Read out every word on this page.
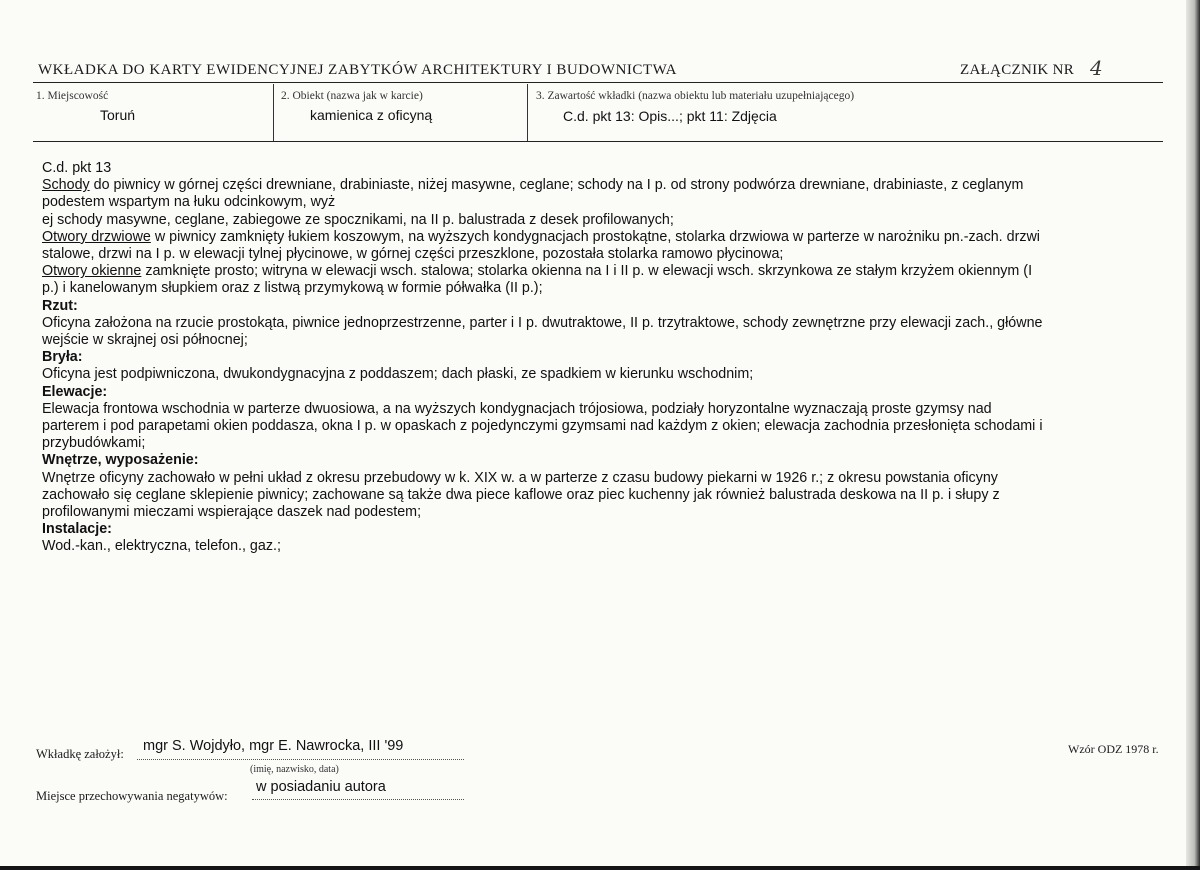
WKŁADKA DO KARTY EWIDENCYJNEJ ZABYTKÓW ARCHITEKTURY I BUDOWNICTWA	ZAŁĄCZNIK NR 4
1. Miejscowość
Toruń
2. Obiekt (nazwa jak w karcie)
kamienica z oficyną
3. Zawartość wkładki (nazwa obiektu lub materiału uzupełniającego)
C.d. pkt 13: Opis...; pkt 11: Zdjęcia
C.d. pkt 13
Schody do piwnicy w górnej części drewniane, drabiniaste, niżej masywne, ceglane; schody na I p. od strony podwórza drewniane, drabiniaste, z ceglanym
podestem wspartym na łuku odcinkowym, wyż
ej schody masywne, ceglane, zabiegowe ze spocznikami, na II p. balustrada z desek profilowanych;
Otwory drzwiowe w piwnicy zamknięty łukiem koszowym, na wyższych kondygnacjach prostokątne, stolarka drzwiowa w parterze w narożniku pn.-zach. drzwi
stalowe, drzwi na I p. w elewacji tylnej płycinowe, w górnej części przeszklone, pozostała stolarka ramowo płycinowa;
Otwory okienne zamknięte prosto; witryna w elewacji wsch. stalowa; stolarka okienna na I i II p. w elewacji wsch. skrzynkowa ze stałym krzyżem okiennym (I
p.) i kanelowanym słupkiem oraz z listwą przymykową w formie półwałka (II p.);
Rzut:
Oficyna założona na rzucie prostokąta, piwnice jednoprzestrzenne, parter i I p. dwutraktowe, II p. trzytraktowe, schody zewnętrzne przy elewacji zach., główne
wejście w skrajnej osi północnej;
Bryła:
Oficyna jest podpiwniczona, dwukondygnacyjna z poddaszem; dach płaski, ze spadkiem w kierunku wschodnim;
Elewacje:
Elewacja frontowa wschodnia w parterze dwuosiowa, a na wyższych kondygnacjach trójosiowa, podziały horyzontalne wyznaczają proste gzymsy nad
parterem i pod parapetami okien poddasza, okna I p. w opaskach z pojedynczymi gzymsami nad każdym z okien; elewacja zachodnia przesłonięta schodami i
przybudówkami;
Wnętrze, wyposażenie:
Wnętrze oficyny zachowało w pełni układ z okresu przebudowy w k. XIX w. a w parterze z czasu budowy piekarni w 1926 r.; z okresu powstania oficyny
zachowało się ceglane sklepienie piwnicy; zachowane są także dwa piece kaflowe oraz piec kuchenny jak również balustrada deskowa na II p. i słupy z
profilowanymi mieczami wspierające daszek nad podestem;
Instalacje:
Wod.-kan., elektryczna, telefon., gaz.;
Wkładkę założył: mgr S. Wojdyło, mgr E. Nawrocka, III '99
(imię, nazwisko, data)
Miejsce przechowywania negatywów:
w posiadaniu autora
Wzór ODZ 1978 r.
